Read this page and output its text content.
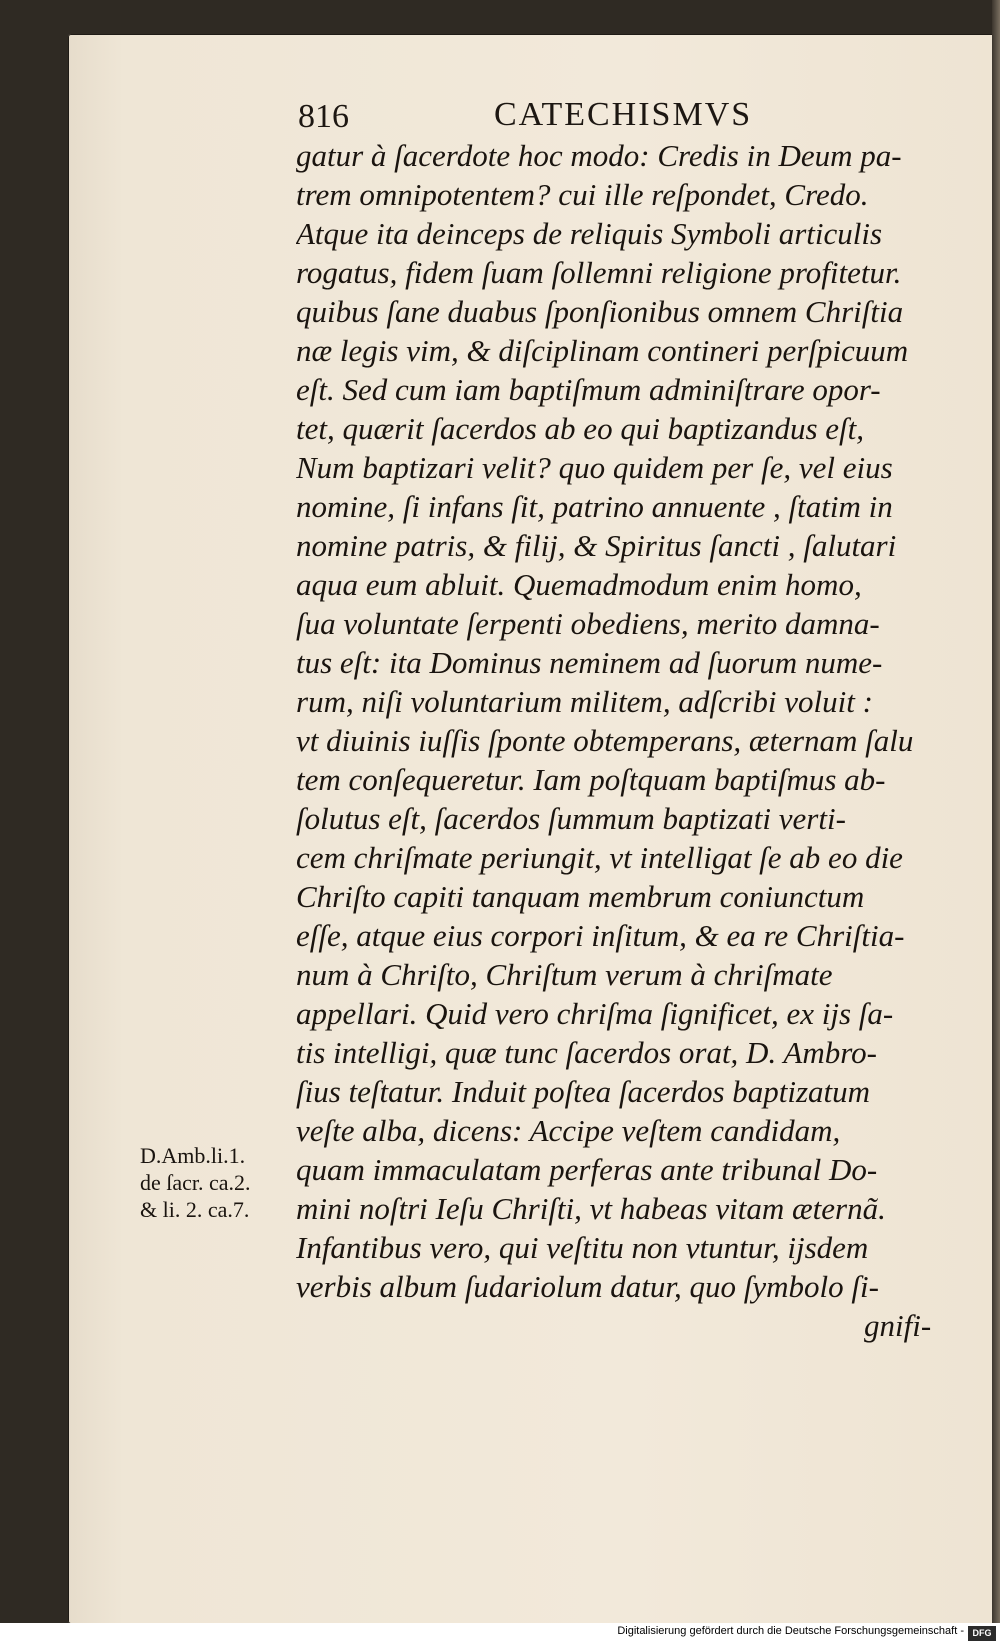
816	CATECHISMVS
gatur à ſacerdote hoc modo: Credis in Deum pa-
trem omnipotentem? cui ille reſpondet, Credo.
Atque ita deinceps de reliquis Symboli articulis
rogatus, fidem ſuam ſollemni religione profitetur.
quibus ſane duabus ſponſionibus omnem Chriſtia
næ legis vim, & diſciplinam contineri perſpicuum
eſt. Sed cum iam baptiſmum adminiſtrare opor-
tet, quærit ſacerdos ab eo qui baptizandus eſt,
Num baptizari velit? quo quidem per ſe, vel eius
nomine, ſi infans ſit, patrino annuente , ſtatim in
nomine patris, & filij, & Spiritus ſancti , ſalutari
aqua eum abluit. Quemadmodum enim homo,
ſua voluntate ſerpenti obediens, merito damna-
tus eſt: ita Dominus neminem ad ſuorum nume-
rum, niſi voluntarium militem, adſcribi voluit :
vt diuinis iuſſis ſponte obtemperans, æternam ſalu
tem conſequeretur. Iam poſtquam baptiſmus ab-
ſolutus eſt, ſacerdos ſummum baptizati verti-
cem chriſmate periungit, vt intelligat ſe ab eo die
Chriſto capiti tanquam membrum coniunctum
eſſe, atque eius corpori inſitum, & ea re Chriſtia-
num à Chriſto, Chriſtum verum à chriſmate
appellari. Quid vero chriſma ſignificet, ex ijs ſa-
tis intelligi, quæ tunc ſacerdos orat, D. Ambro-
ſius teſtatur. Induit poſtea ſacerdos baptizatum
veſte alba, dicens: Accipe veſtem candidam,
quam immaculatam perferas ante tribunal Do-
mini noſtri Ieſu Chriſti, vt habeas vitam æternã.
Infantibus vero, qui veſtitu non vtuntur, ijsdem
verbis album ſudariolum datur, quo ſymbolo ſi-
gnifi-
D.Amb.li.1.
de ſacr. ca.2.
& li. 2. ca.7.
Digitalisierung gefördert durch die Deutsche Forschungsgemeinschaft - DFG
